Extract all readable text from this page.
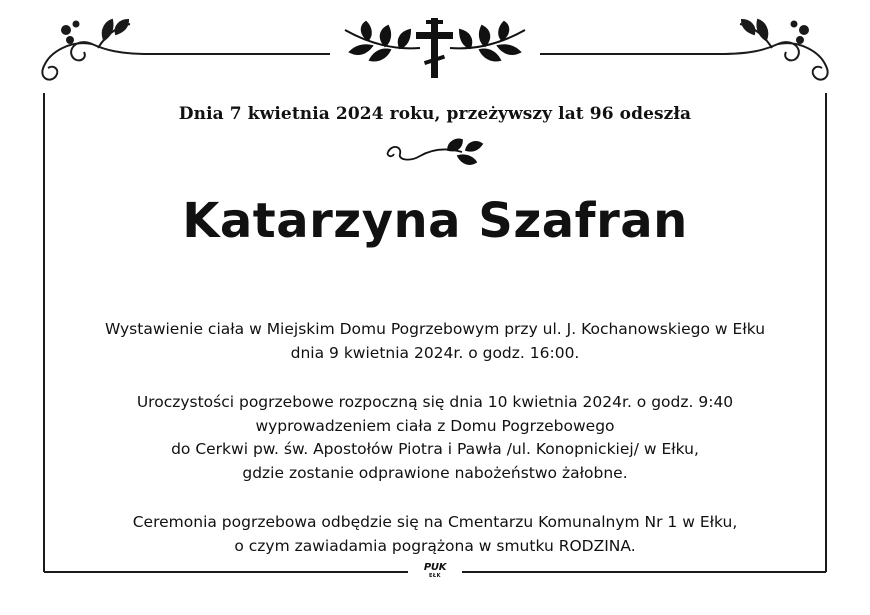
Dnia 7 kwietnia 2024 roku, przeżywszy lat 96 odeszła
Katarzyna Szafran
Wystawienie ciała w Miejskim Domu Pogrzebowym przy ul. J. Kochanowskiego w Ełku
dnia 9 kwietnia 2024r. o godz. 16:00.
Uroczystości pogrzebowe rozpoczną się dnia 10 kwietnia 2024r. o godz. 9:40
wyprowadzeniem ciała z Domu Pogrzebowego
do Cerkwi pw. św. Apostołów Piotra i Pawła /ul. Konopnickiej/ w Ełku,
gdzie zostanie odprawione nabożeństwo żałobne.
Ceremonia pogrzebowa odbędzie się na Cmentarzu Komunalnym Nr 1 w Ełku,
o czym zawiadamia pogrążona w smutku RODZINA.
PUK
EŁK
